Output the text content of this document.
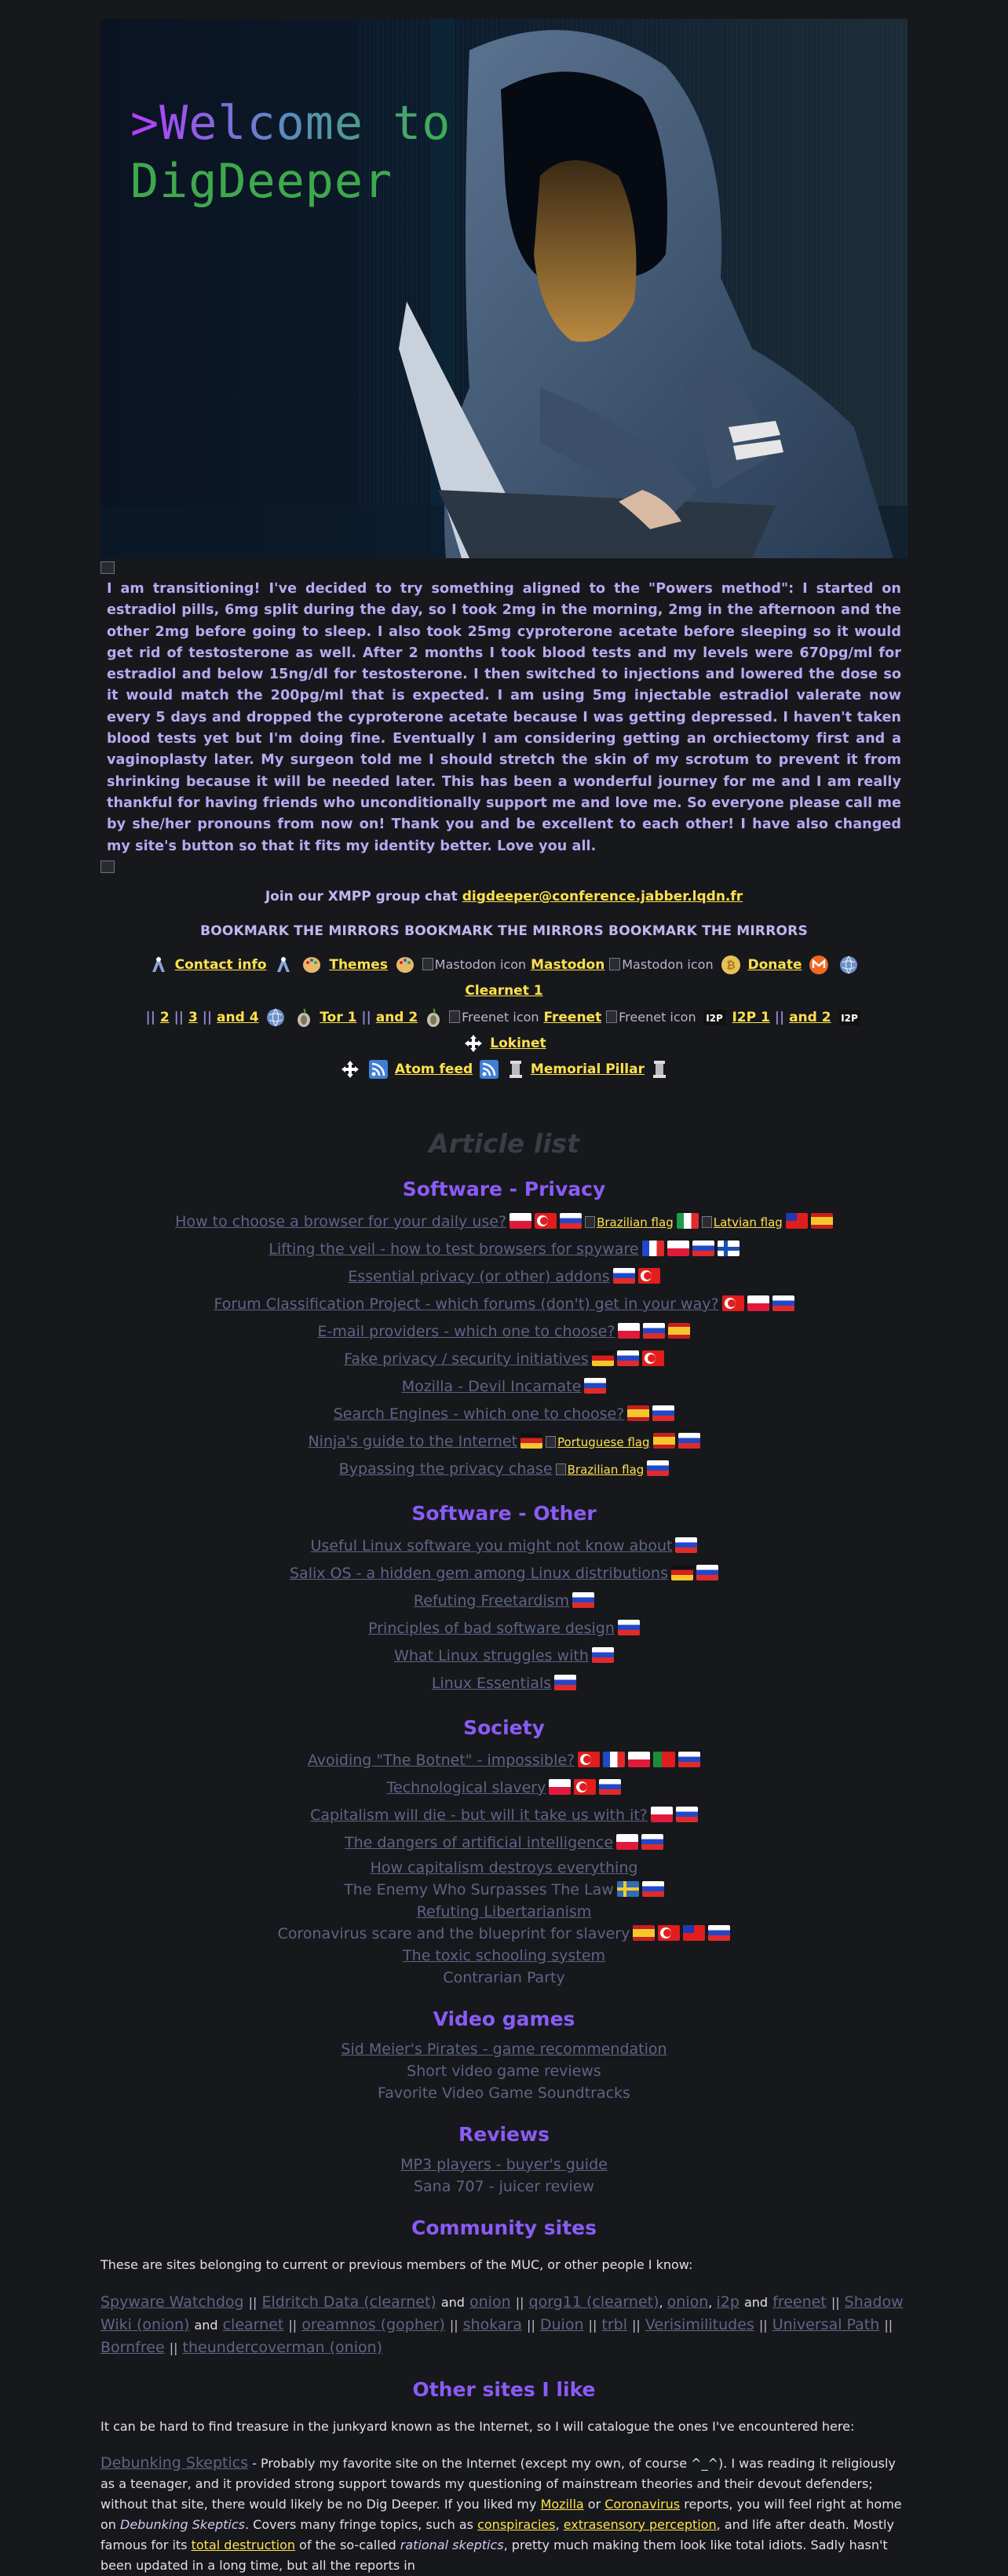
>Welcome to
DigDeeper

I am transitioning! I've decided to try something aligned to the "Powers method": I started on estradiol pills, 6mg split during the day, so I took 2mg in the morning, 2mg in the afternoon and the other 2mg before going to sleep. I also took 25mg cyproterone acetate before sleeping so it would get rid of testosterone as well. After 2 months I took blood tests and my levels were 670pg/ml for estradiol and below 15ng/dl for testosterone. I then switched to injections and lowered the dose so it would match the 200pg/ml that is expected. I am using 5mg injectable estradiol valerate now every 5 days and dropped the cyproterone acetate because I was getting depressed. I haven't taken blood tests yet but I'm doing fine. Eventually I am considering getting an orchiectomy first and a vaginoplasty later. My surgeon told me I should stretch the skin of my scrotum to prevent it from shrinking because it will be needed later. This has been a wonderful journey for me and I am really thankful for having friends who unconditionally support me and love me. So everyone please call me by she/her pronouns from now on! Thank you and be excellent to each other! I have also changed my site's button so that it fits my identity better. Love you all.

Join our XMPP group chat digdeeper@conference.jabber.lqdn.fr

BOOKMARK THE MIRRORS BOOKMARK THE MIRRORS BOOKMARK THE MIRRORS

Contact info	Themes	Mastodon icon Mastodon Mastodon icon ₿ Donate   Clearnet 1
|| 2 || 3 || and 4	Tor 1 || and 2	Freenet icon Freenet Freenet icon I2P I2P 1 || and 2 I2P
Lokinet
Atom feed	Memorial Pillar
Article list
Software - Privacy
How to choose a browser for your daily use?	Brazilian flag	Latvian flag
Lifting the veil - how to test browsers for spyware
Essential privacy (or other) addons
Forum Classification Project - which forums (don't) get in your way?
E-mail providers - which one to choose?
Fake privacy / security initiatives
Mozilla - Devil Incarnate
Search Engines - which one to choose?
Ninja's guide to the Internet	Portuguese flag
Bypassing the privacy chase Brazilian flag
Software - Other
Useful Linux software you might not know about
Salix OS - a hidden gem among Linux distributions
Refuting Freetardism
Principles of bad software design
What Linux struggles with
Linux Essentials
Society
Avoiding "The Botnet" - impossible?
Technological slavery
Capitalism will die - but will it take us with it?
The dangers of artificial intelligence
How capitalism destroys everything
The Enemy Who Surpasses The Law
Refuting Libertarianism
Coronavirus scare and the blueprint for slavery
The toxic schooling system
Contrarian Party
Video games
Sid Meier's Pirates - game recommendation
Short video game reviews
Favorite Video Game Soundtracks
Reviews
MP3 players - buyer's guide
Sana 707 - juicer review
Community sites

These are sites belonging to current or previous members of the MUC, or other people I know:

Spyware Watchdog || Eldritch Data (clearnet) and onion || qorg11 (clearnet), onion, i2p and freenet || Shadow Wiki (onion) and clearnet || oreamnos (gopher) || shokara || Duion || trbl || Verisimilitudes || Universal Path || Bornfree || theundercoverman (onion)
Other sites I like

It can be hard to find treasure in the junkyard known as the Internet, so I will catalogue the ones I've encountered here:

Debunking Skeptics - Probably my favorite site on the Internet (except my own, of course ^_^). I was reading it religiously as a teenager, and it provided strong support towards my questioning of mainstream theories and their devout defenders; without that site, there would likely be no Dig Deeper. If you liked my Mozilla or Coronavirus reports, you will feel right at home on Debunking Skeptics. Covers many fringe topics, such as conspiracies, extrasensory perception, and life after death. Mostly famous for its total destruction of the so-called rational skeptics, pretty much making them look like total idiots. Sadly hasn't been updated in a long time, but all the reports in
